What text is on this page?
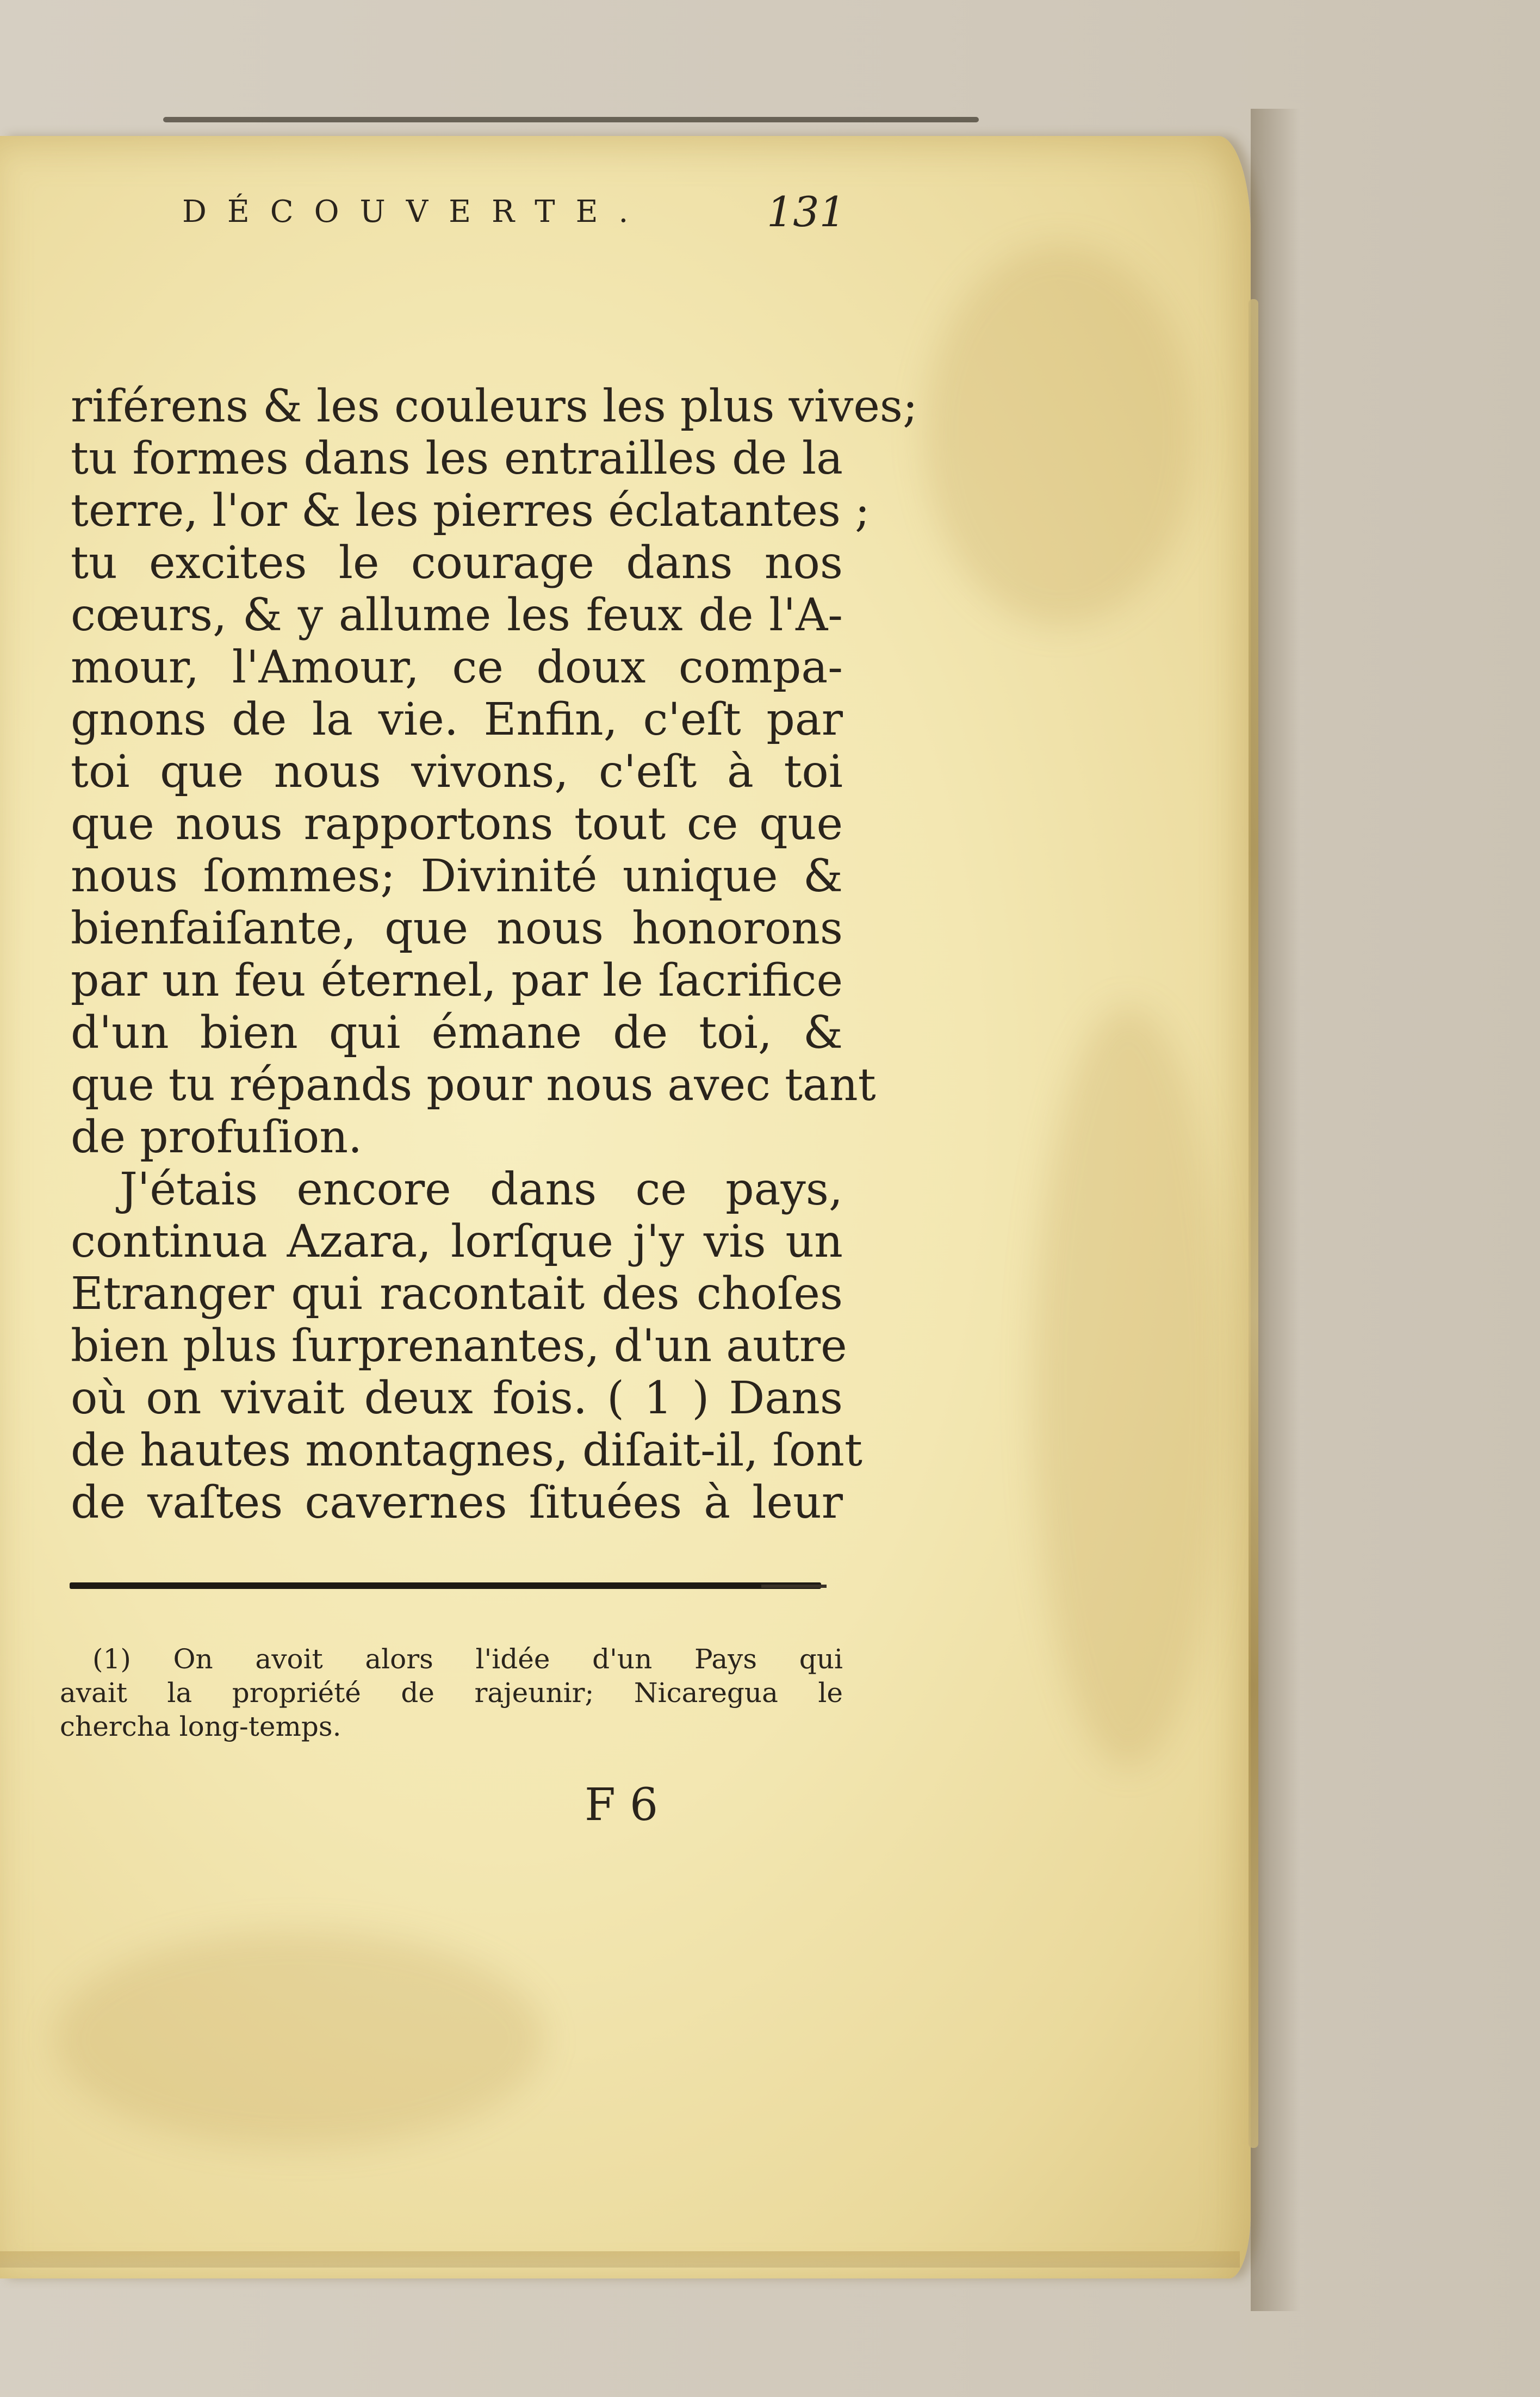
DÉCOUVERTE.	131
riférens & les couleurs les plus vives;
tu formes dans les entrailles de la
terre, l'or & les pierres éclatantes ;
tu excites le courage dans nos
cœurs, & y allume les feux de l'A-
mour, l'Amour, ce doux compa-
gnons de la vie. Enfin, c'eſt par
toi que nous vivons, c'eſt à toi
que nous rapportons tout ce que
nous ſommes; Divinité unique &
bienfaiſante, que nous honorons
par un feu éternel, par le ſacrifice
d'un bien qui émane de toi, &
que tu répands pour nous avec tant
de profuſion.
J'étais encore dans ce pays,
continua Azara, lorſque j'y vis un
Etranger qui racontait des choſes
bien plus ſurprenantes, d'un autre
où on vivait deux fois. ( 1 ) Dans
de hautes montagnes, diſait-il, ſont
de vaſtes cavernes ſituées à leur
(1) On avoit alors l'idée d'un Pays qui
avait la propriété de rajeunir; Nicaregua le
chercha long-temps.
F 6
